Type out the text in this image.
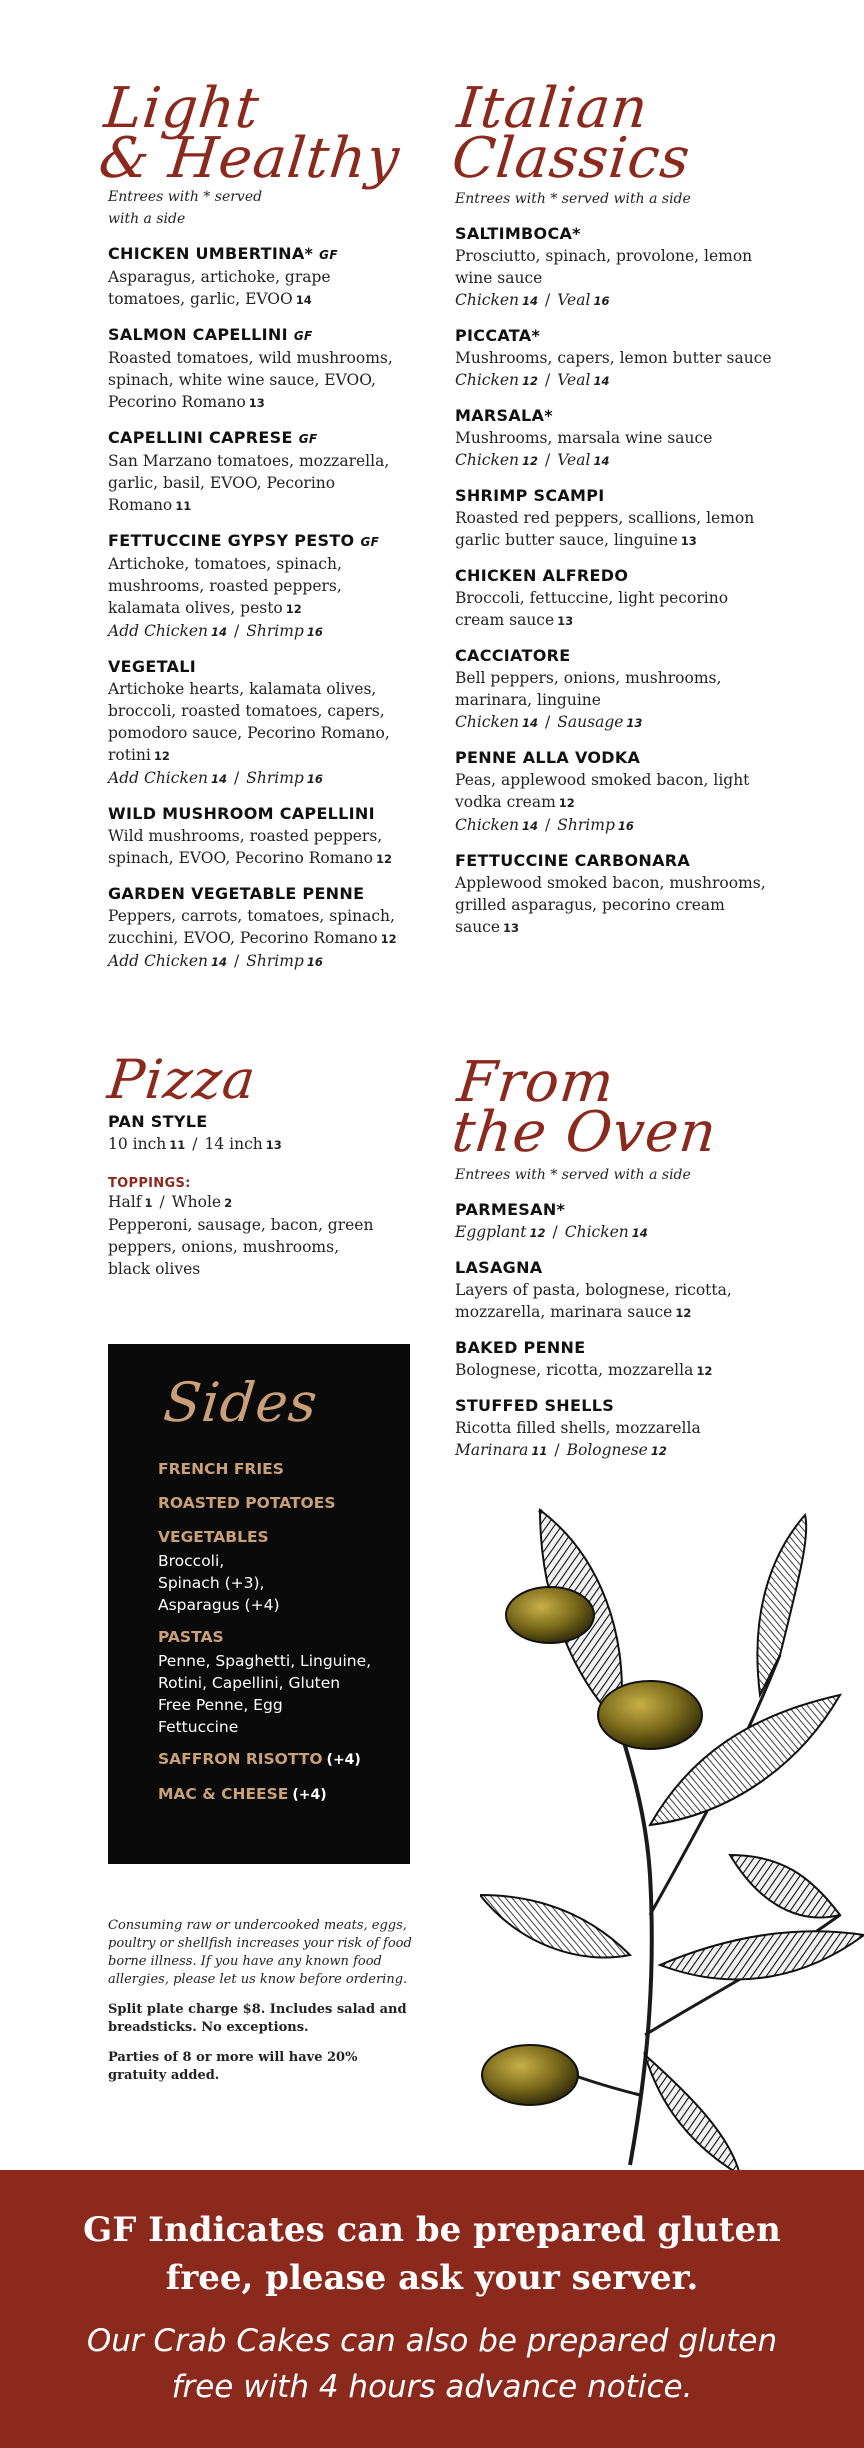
Light
& Healthy
Entrees with * served
with a side
CHICKEN UMBERTINA* GF
Asparagus, artichoke, grape tomatoes, garlic, EVOO 14
SALMON CAPELLINI GF
Roasted tomatoes, wild mushrooms, spinach, white wine sauce, EVOO, Pecorino Romano 13
CAPELLINI CAPRESE GF
San Marzano tomatoes, mozzarella, garlic, basil, EVOO, Pecorino Romano 11
FETTUCCINE GYPSY PESTO GF
Artichoke, tomatoes, spinach, mushrooms, roasted peppers, kalamata olives, pesto 12
Add Chicken 14 / Shrimp 16
VEGETALI
Artichoke hearts, kalamata olives, broccoli, roasted tomatoes, capers, pomodoro sauce, Pecorino Romano, rotini 12
Add Chicken 14 / Shrimp 16
WILD MUSHROOM CAPELLINI
Wild mushrooms, roasted peppers, spinach, EVOO, Pecorino Romano 12
GARDEN VEGETABLE PENNE
Peppers, carrots, tomatoes, spinach, zucchini, EVOO, Pecorino Romano 12
Add Chicken 14 / Shrimp 16
Italian
Classics
Entrees with * served with a side
SALTIMBOCA*
Prosciutto, spinach, provolone, lemon wine sauce
Chicken 14 / Veal 16
PICCATA*
Mushrooms, capers, lemon butter sauce
Chicken 12 / Veal 14
MARSALA*
Mushrooms, marsala wine sauce
Chicken 12 / Veal 14
SHRIMP SCAMPI
Roasted red peppers, scallions, lemon garlic butter sauce, linguine 13
CHICKEN ALFREDO
Broccoli, fettuccine, light pecorino cream sauce 13
CACCIATORE
Bell peppers, onions, mushrooms, marinara, linguine
Chicken 14 / Sausage 13
PENNE ALLA VODKA
Peas, applewood smoked bacon, light vodka cream 12
Chicken 14 / Shrimp 16
FETTUCCINE CARBONARA
Applewood smoked bacon, mushrooms, grilled asparagus, pecorino cream sauce 13
Pizza
PAN STYLE
10 inch 11 / 14 inch 13
TOPPINGS:
Half 1 / Whole 2
Pepperoni, sausage, bacon, green peppers, onions, mushrooms, black olives
From
the Oven
Entrees with * served with a side
PARMESAN*
Eggplant 12 / Chicken 14
LASAGNA
Layers of pasta, bolognese, ricotta, mozzarella, marinara sauce 12
BAKED PENNE
Bolognese, ricotta, mozzarella 12
STUFFED SHELLS
Ricotta filled shells, mozzarella
Marinara 11 / Bolognese 12
Sides
FRENCH FRIES
ROASTED POTATOES
VEGETABLES
Broccoli,
Spinach (+3),
Asparagus (+4)
PASTAS
Penne, Spaghetti, Linguine,
Rotini, Capellini, Gluten
Free Penne, Egg
Fettuccine
SAFFRON RISOTTO (+4)
MAC & CHEESE (+4)
Consuming raw or undercooked meats, eggs, poultry or shellfish increases your risk of food borne illness. If you have any known food allergies, please let us know before ordering.
Split plate charge $8. Includes salad and breadsticks. No exceptions.
Parties of 8 or more will have 20% gratuity added.
GF Indicates can be prepared gluten
free, please ask your server.
Our Crab Cakes can also be prepared gluten
free with 4 hours advance notice.
